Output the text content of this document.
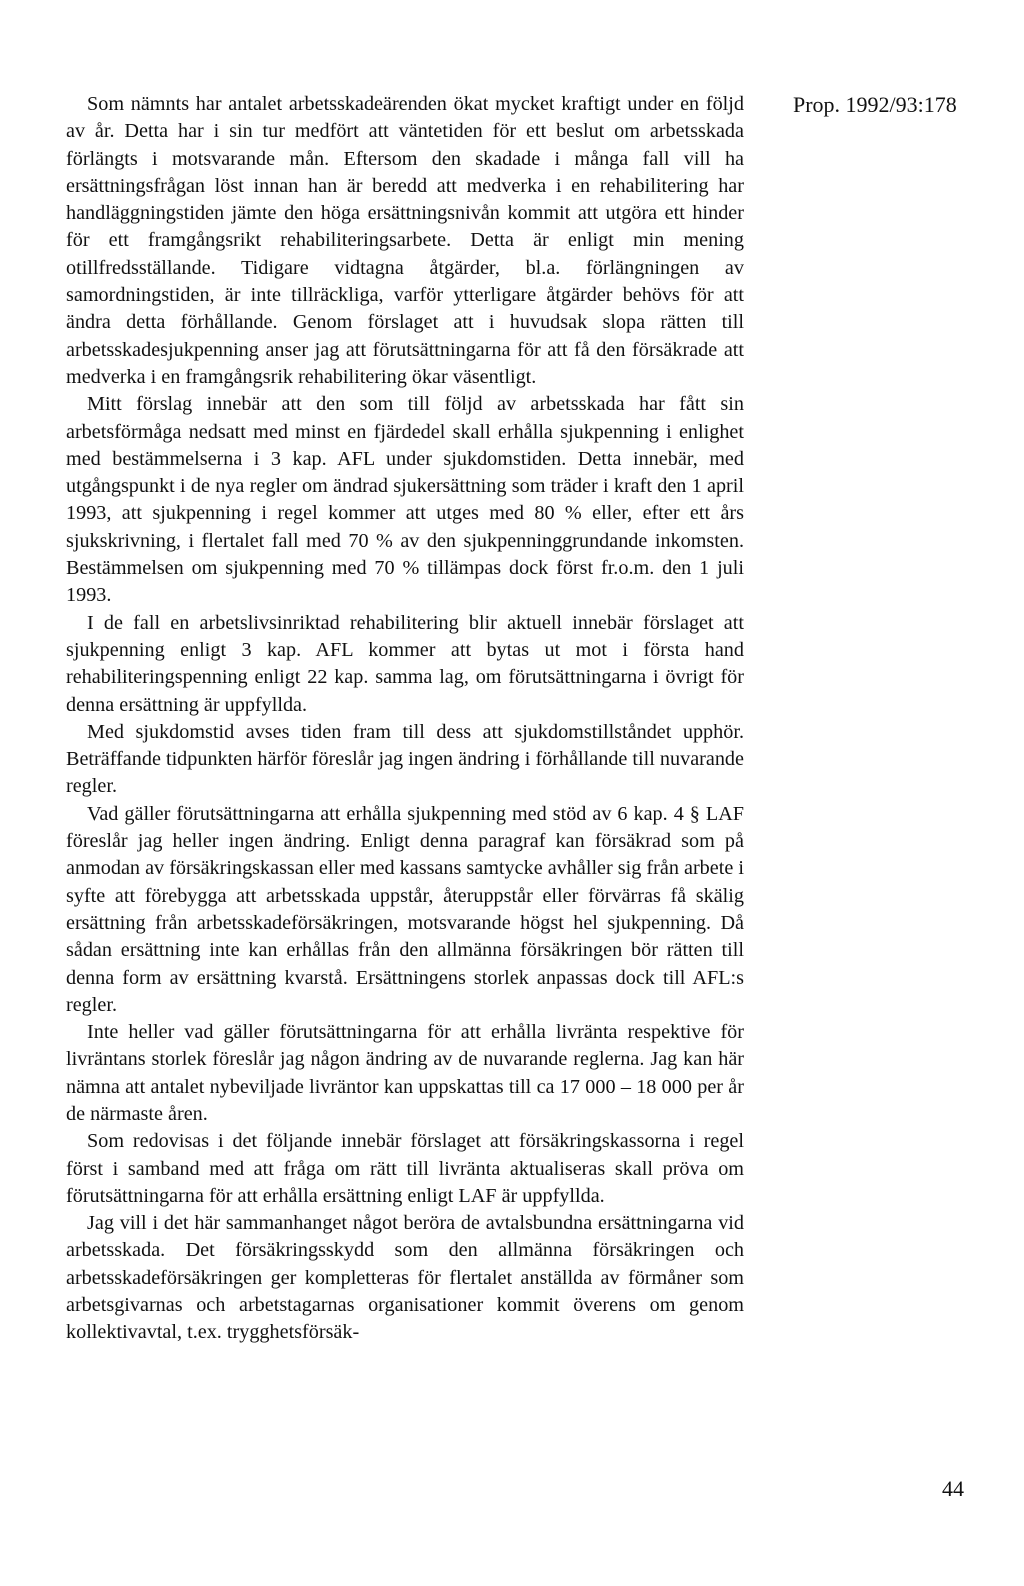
Prop. 1992/93:178

Som nämnts har antalet arbetsskadeärenden ökat mycket kraftigt under en följd av år. Detta har i sin tur medfört att väntetiden för ett beslut om arbetsskada förlängts i motsvarande mån. Eftersom den skadade i många fall vill ha ersättningsfrågan löst innan han är beredd att medverka i en rehabilitering har handläggningstiden jämte den höga ersättningsnivån kommit att utgöra ett hinder för ett framgångsrikt rehabiliteringsarbete. Detta är enligt min mening otillfredsställande. Tidigare vidtagna åtgärder, bl.a. förlängningen av samordningstiden, är inte tillräckliga, varför ytterligare åtgärder behövs för att ändra detta förhållande. Genom förslaget att i huvudsak slopa rätten till arbetsskadesjukpenning anser jag att förutsättningarna för att få den försäkrade att medverka i en framgångsrik rehabilitering ökar väsentligt.

Mitt förslag innebär att den som till följd av arbetsskada har fått sin arbetsförmåga nedsatt med minst en fjärdedel skall erhålla sjukpenning i enlighet med bestämmelserna i 3 kap. AFL under sjukdomstiden. Detta innebär, med utgångspunkt i de nya regler om ändrad sjukersättning som träder i kraft den 1 april 1993, att sjukpenning i regel kommer att utges med 80 % eller, efter ett års sjukskrivning, i flertalet fall med 70 % av den sjukpenninggrundande inkomsten. Bestämmelsen om sjukpenning med 70 % tillämpas dock först fr.o.m. den 1 juli 1993.

I de fall en arbetslivsinriktad rehabilitering blir aktuell innebär förslaget att sjukpenning enligt 3 kap. AFL kommer att bytas ut mot i första hand rehabiliteringspenning enligt 22 kap. samma lag, om förutsättningarna i övrigt för denna ersättning är uppfyllda.

Med sjukdomstid avses tiden fram till dess att sjukdomstillståndet upphör. Beträffande tidpunkten härför föreslår jag ingen ändring i förhållande till nuvarande regler.

Vad gäller förutsättningarna att erhålla sjukpenning med stöd av 6 kap. 4 § LAF föreslår jag heller ingen ändring. Enligt denna paragraf kan försäkrad som på anmodan av försäkringskassan eller med kassans samtycke avhåller sig från arbete i syfte att förebygga att arbetsskada uppstår, återuppstår eller förvärras få skälig ersättning från arbetsskadeförsäkringen, motsvarande högst hel sjukpenning. Då sådan ersättning inte kan erhållas från den allmänna försäkringen bör rätten till denna form av ersättning kvarstå. Ersättningens storlek anpassas dock till AFL:s regler.

Inte heller vad gäller förutsättningarna för att erhålla livränta respektive för livräntans storlek föreslår jag någon ändring av de nuvarande reglerna. Jag kan här nämna att antalet nybeviljade livräntor kan uppskattas till ca 17 000 – 18 000 per år de närmaste åren.

Som redovisas i det följande innebär förslaget att försäkringskassorna i regel först i samband med att fråga om rätt till livränta aktualiseras skall pröva om förutsättningarna för att erhålla ersättning enligt LAF är uppfyllda.

Jag vill i det här sammanhanget något beröra de avtalsbundna ersättningarna vid arbetsskada. Det försäkringsskydd som den allmänna försäkringen och arbetsskadeförsäkringen ger kompletteras för flertalet anställda av förmåner som arbetsgivarnas och arbetstagarnas organisationer kommit överens om genom kollektivavtal, t.ex. trygghetsförsäk-

44
